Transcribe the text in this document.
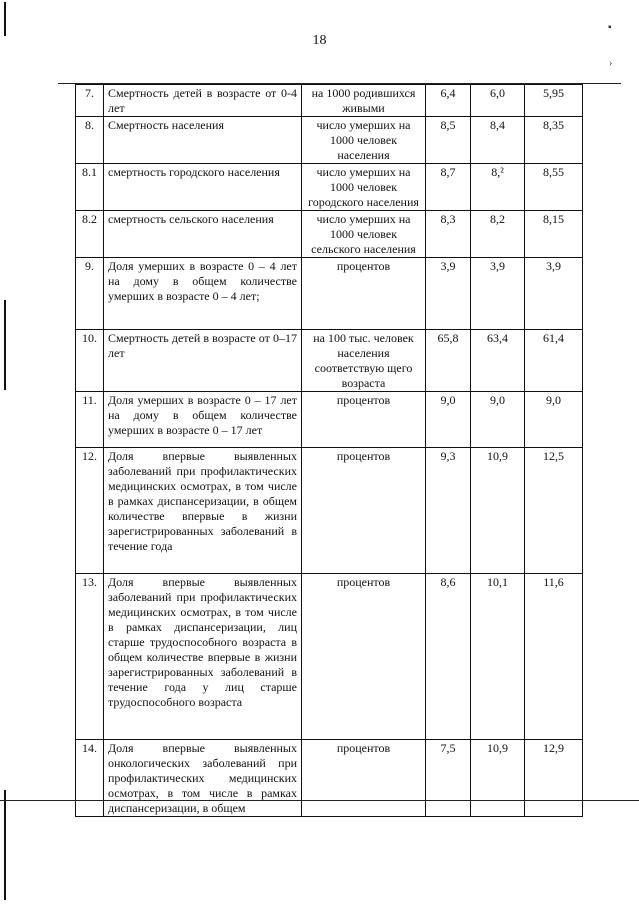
▪
›
18
7.	Смертность детей в возрасте от 0-4 лет	на 1000 родившихся живыми	6,4	6,0	5,95
8.	Смертность населения	число умерших на 1000 человек населения	8,5	8,4	8,35
8.1	смертность городского населения	число умерших на 1000 человек городского населения	8,7	8,²	8,55
8.2	смертность сельского населения	число умерших на 1000 человек сельского населения	8,3	8,2	8,15
9.	Доля умерших в возрасте 0 – 4 лет на дому в общем количестве умерших в возрасте 0 – 4 лет;	процентов	3,9	3,9	3,9
10.	Смертность детей в возрасте от 0–17 лет	на 100 тыс. человек населения соответствую щего возраста	65,8	63,4	61,4
11.	Доля умерших в возрасте 0 – 17 лет на дому в общем количестве умерших в возрасте 0 – 17 лет	процентов	9,0	9,0	9,0
12.	Доля впервые выявленных заболеваний при профилактических медицинских осмотрах, в том числе в рамках диспансеризации, в общем количестве впервые в жизни зарегистрированных заболеваний в течение года	процентов	9,3	10,9	12,5
13.	Доля впервые выявленных заболеваний при профилактических медицинских осмотрах, в том числе в рамках диспансеризации, лиц старше трудоспособного возраста в общем количестве впервые в жизни зарегистрированных заболеваний в течение года у лиц старше трудоспособного возраста	процентов	8,6	10,1	11,6
14.	Доля впервые выявленных онкологических заболеваний при профилактических медицинских осмотрах, в том числе в рамках диспансеризации, в общем	процентов	7,5	10,9	12,9
